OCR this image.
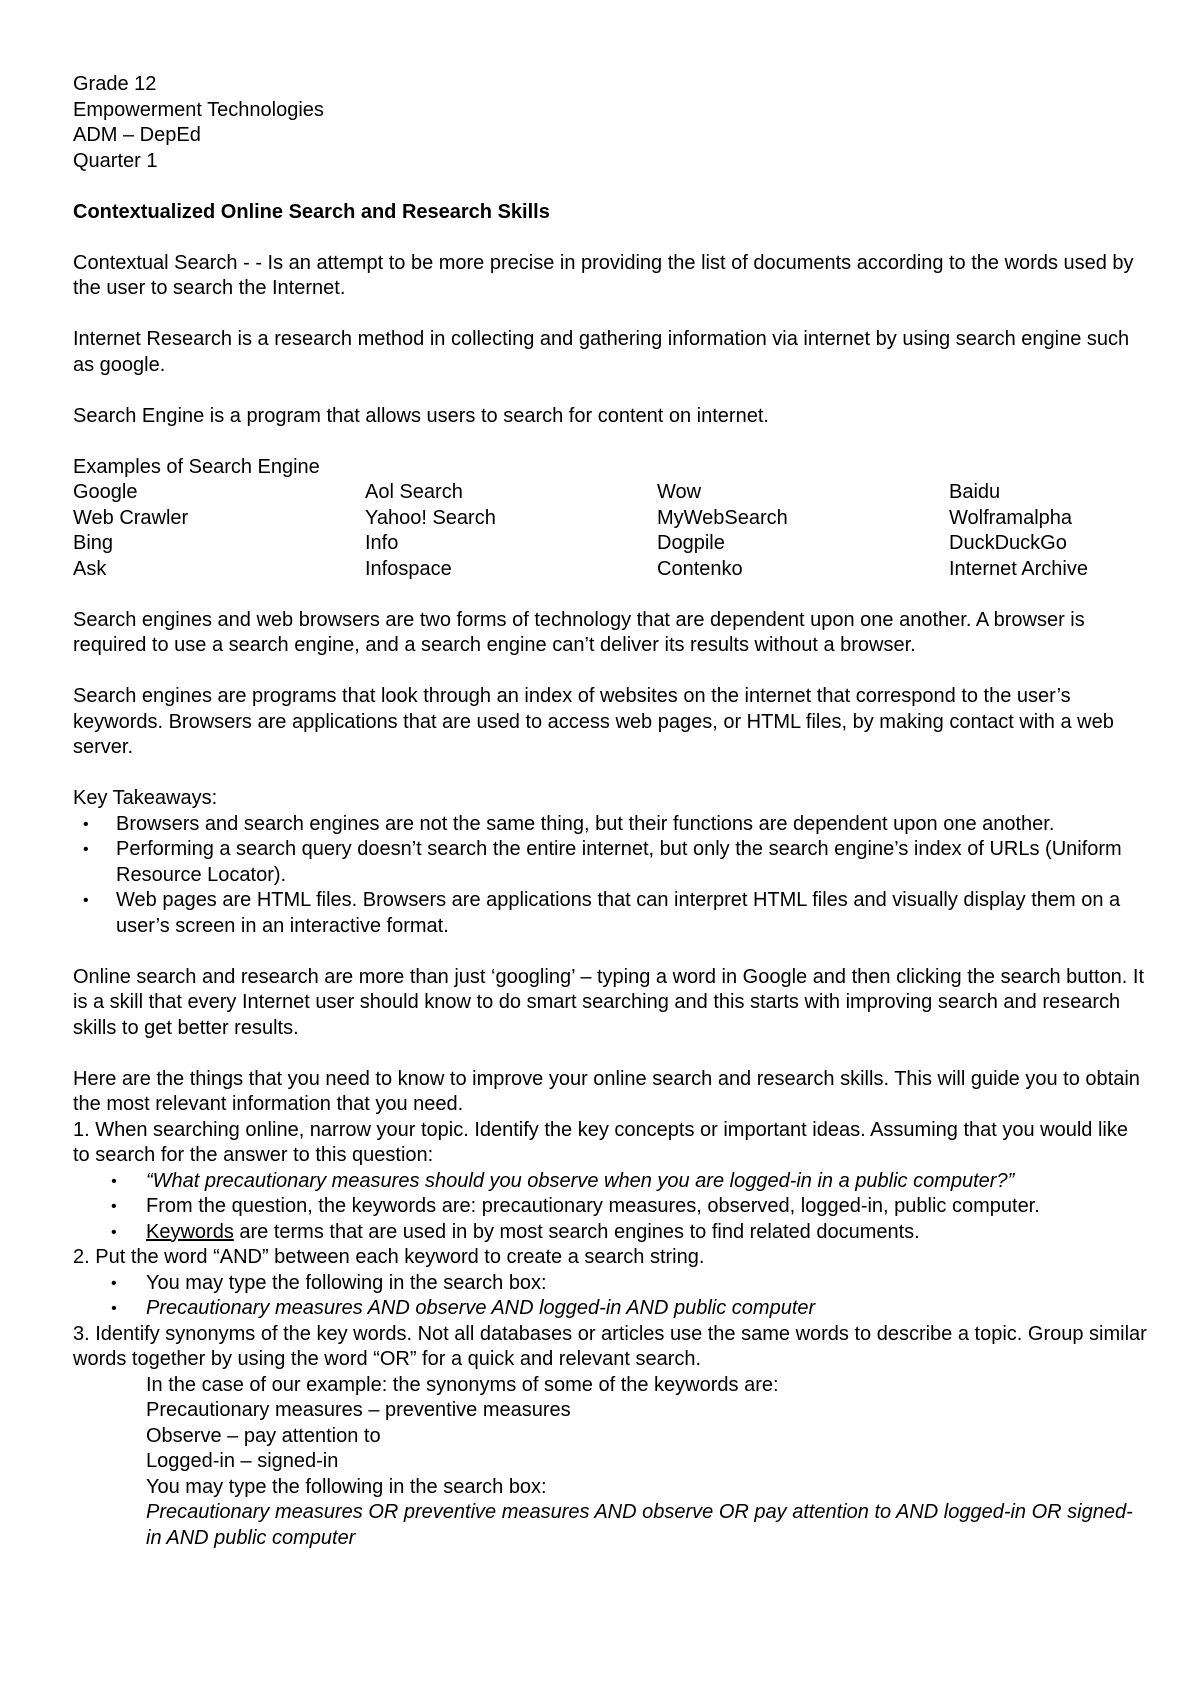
Grade 12

Empowerment Technologies

ADM – DepEd

Quarter 1

Contextualized Online Search and Research Skills

Contextual Search - - Is an attempt to be more precise in providing the list of documents according to the words used by the user to search the Internet.

Internet Research is a research method in collecting and gathering information via internet by using search engine such as google.

Search Engine is a program that allows users to search for content on internet.

Examples of Search Engine

Google	Aol Search	Wow	Baidu
Web Crawler	Yahoo! Search	MyWebSearch	Wolframalpha
Bing	Info	Dogpile	DuckDuckGo
Ask	Infospace	Contenko	Internet Archive

Search engines and web browsers are two forms of technology that are dependent upon one another. A browser is required to use a search engine, and a search engine can’t deliver its results without a browser.

Search engines are programs that look through an index of websites on the internet that correspond to the user’s keywords. Browsers are applications that are used to access web pages, or HTML files, by making contact with a web server.

Key Takeaways:

• Browsers and search engines are not the same thing, but their functions are dependent upon one another.
• Performing a search query doesn’t search the entire internet, but only the search engine’s index of URLs (Uniform Resource Locator).
• Web pages are HTML files. Browsers are applications that can interpret HTML files and visually display them on a user’s screen in an interactive format.

Online search and research are more than just ‘googling’ – typing a word in Google and then clicking the search button. It is a skill that every Internet user should know to do smart searching and this starts with improving search and research skills to get better results.

Here are the things that you need to know to improve your online search and research skills. This will guide you to obtain the most relevant information that you need.

1. When searching online, narrow your topic. Identify the key concepts or important ideas. Assuming that you would like to search for the answer to this question:

• “What precautionary measures should you observe when you are logged-in in a public computer?”
• From the question, the keywords are: precautionary measures, observed, logged-in, public computer.
• Keywords are terms that are used in by most search engines to find related documents.

2. Put the word “AND” between each keyword to create a search string.

• You may type the following in the search box:
• Precautionary measures AND observe AND logged-in AND public computer

3. Identify synonyms of the key words. Not all databases or articles use the same words to describe a topic. Group similar words together by using the word “OR” for a quick and relevant search.

In the case of our example: the synonyms of some of the keywords are:

Precautionary measures – preventive measures

Observe – pay attention to

Logged-in – signed-in

You may type the following in the search box:

Precautionary measures OR preventive measures AND observe OR pay attention to AND logged-in OR signed-in AND public computer
